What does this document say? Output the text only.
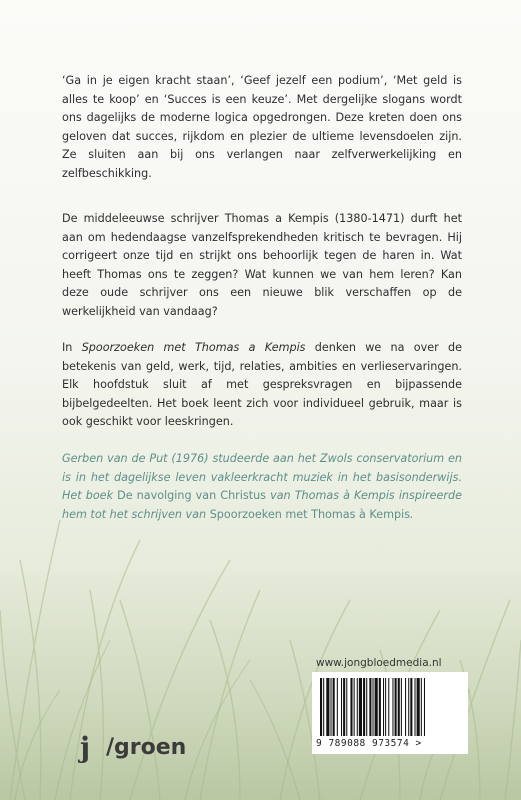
‘Ga in je eigen kracht staan’, ‘Geef jezelf een podium’, ‘Met geld is alles te koop’ en ‘Succes is een keuze’. Met dergelijke slogans wordt ons dagelijks de moderne logica opgedrongen. Deze kreten doen ons geloven dat succes, rijkdom en plezier de ultieme levensdoelen zijn. Ze sluiten aan bij ons verlangen naar zelfverwerkelijking en zelfbeschikking.

De middeleeuwse schrijver Thomas a Kempis (1380-1471) durft het aan om hedendaagse vanzelfsprekendheden kritisch te bevragen. Hij corrigeert onze tijd en strijkt ons behoorlijk tegen de haren in. Wat heeft Thomas ons te zeggen? Wat kunnen we van hem leren? Kan deze oude schrijver ons een nieuwe blik verschaffen op de werkelijkheid van vandaag?

In Spoorzoeken met Thomas a Kempis denken we na over de betekenis van geld, werk, tijd, relaties, ambities en verlieservaringen. Elk hoofdstuk sluit af met gespreksvragen en bijpassende bijbelgedeelten. Het boek leent zich voor individueel gebruik, maar is ook geschikt voor leeskringen.

Gerben van de Put (1976) studeerde aan het Zwols conservatorium en is in het dagelijkse leven vakleerkracht muziek in het basisonderwijs. Het boek De navolging van Christus van Thomas à Kempis inspireerde hem tot het schrijven van Spoorzoeken met Thomas à Kempis.

www.jongbloedmedia.nl
9 789088 973574 >
j /groen
